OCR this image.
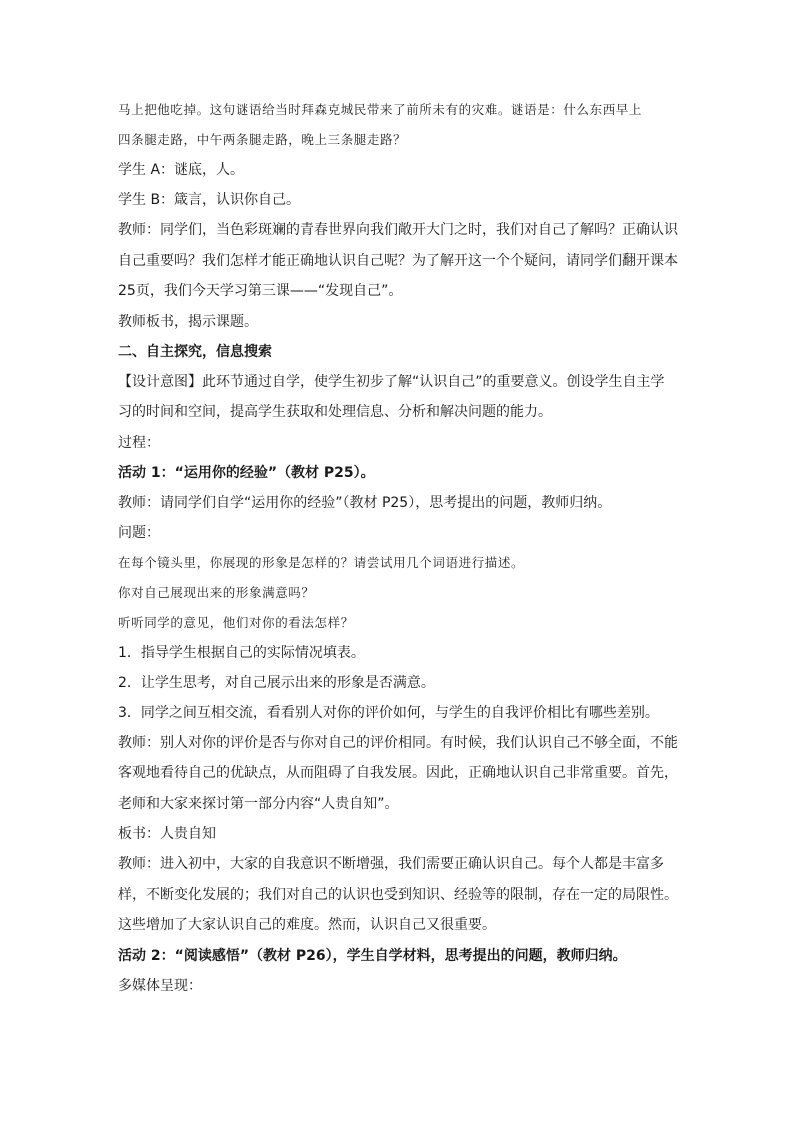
马上把他吃掉。这句谜语给当时拜森克城民带来了前所未有的灾难。谜语是：什么东西早上

四条腿走路，中午两条腿走路，晚上三条腿走路？

学生 A：谜底，人。

学生 B：箴言，认识你自己。

教师：同学们，当色彩斑斓的青春世界向我们敞开大门之时，我们对自己了解吗？正确认识自己重要吗？我们怎样才能正确地认识自己呢？为了解开这一个个疑问，请同学们翻开课本25页，我们今天学习第三课——“发现自己”。

教师板书，揭示课题。

二、自主探究，信息搜索

【设计意图】此环节通过自学，使学生初步了解“认识自己”的重要意义。创设学生自主学习的时间和空间，提高学生获取和处理信息、分析和解决问题的能力。

过程：

活动 1：“运用你的经验”（教材 P25）。

教师：请同学们自学“运用你的经验”（教材 P25），思考提出的问题，教师归纳。

问题：

在每个镜头里，你展现的形象是怎样的？请尝试用几个词语进行描述。

你对自己展现出来的形象满意吗？

听听同学的意见，他们对你的看法怎样？

1．指导学生根据自己的实际情况填表。

2．让学生思考，对自己展示出来的形象是否满意。

3．同学之间互相交流，看看别人对你的评价如何，与学生的自我评价相比有哪些差别。

教师：别人对你的评价是否与你对自己的评价相同。有时候，我们认识自己不够全面，不能客观地看待自己的优缺点，从而阻碍了自我发展。因此，正确地认识自己非常重要。首先，老师和大家来探讨第一部分内容“人贵自知”。

板书：人贵自知

教师：进入初中，大家的自我意识不断增强，我们需要正确认识自己。每个人都是丰富多样，不断变化发展的；我们对自己的认识也受到知识、经验等的限制，存在一定的局限性。这些增加了大家认识自己的难度。然而，认识自己又很重要。

活动 2：“阅读感悟”（教材 P26），学生自学材料，思考提出的问题，教师归纳。

多媒体呈现：
